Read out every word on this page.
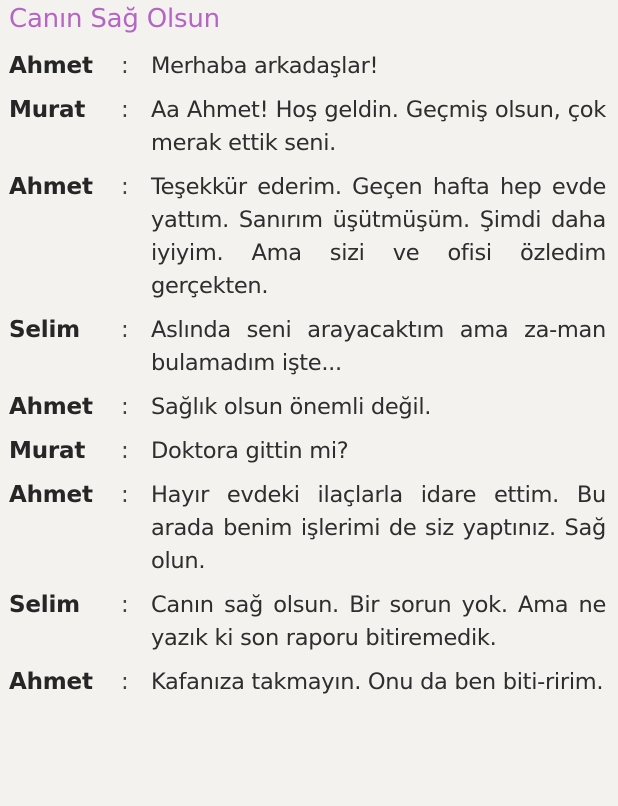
Canın Sağ Olsun
Ahmet	: Merhaba arkadaşlar!
Murat	: Aa Ahmet! Hoş geldin. Geçmiş olsun, çok merak ettik seni.
Ahmet	: Teşekkür ederim. Geçen hafta hep evde yattım. Sanırım üşütmüşüm. Şimdi daha iyiyim. Ama sizi ve ofisi özledim gerçekten.
Selim	: Aslında seni arayacaktım ama za-man bulamadım işte...
Ahmet	: Sağlık olsun önemli değil.
Murat	: Doktora gittin mi?
Ahmet	: Hayır evdeki ilaçlarla idare ettim. Bu arada benim işlerimi de siz yaptınız. Sağ olun.
Selim	: Canın sağ olsun. Bir sorun yok. Ama ne yazık ki son raporu bitiremedik.
Ahmet	: Kafanıza takmayın. Onu da ben biti-ririm.
